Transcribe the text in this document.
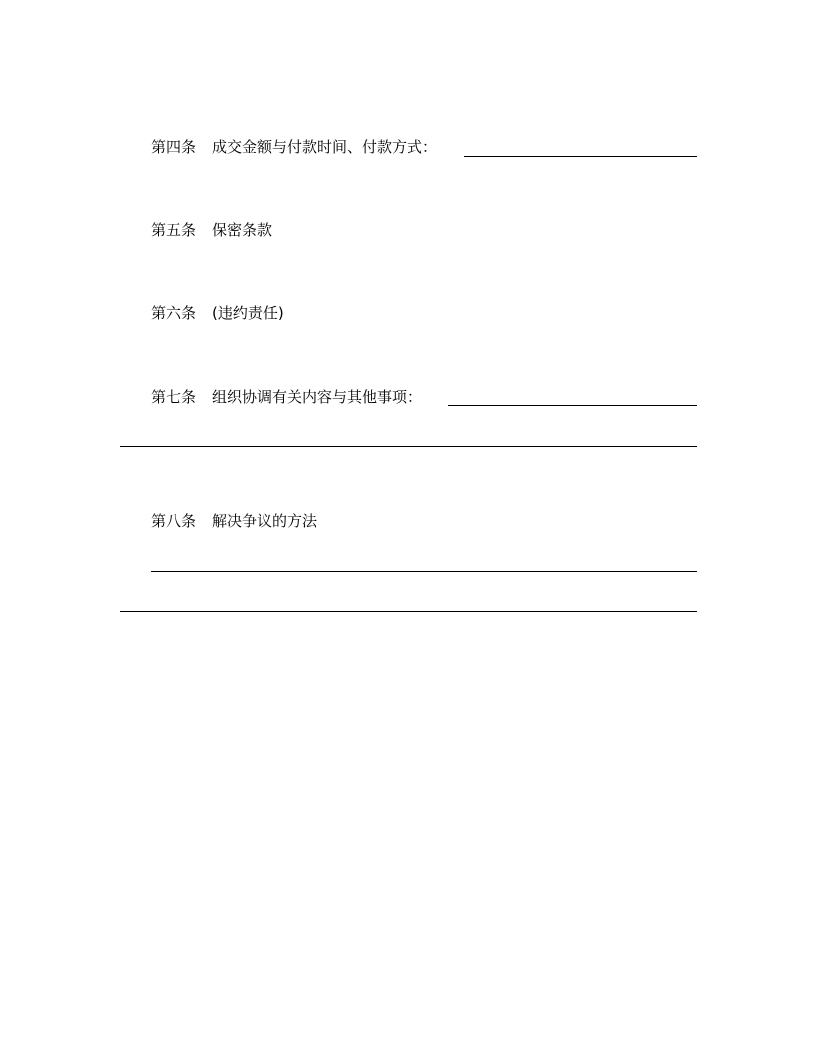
第四条 成交金额与付款时间、付款方式：
第五条 保密条款
第六条 (违约责任)
第七条 组织协调有关内容与其他事项：
第八条 解决争议的方法
